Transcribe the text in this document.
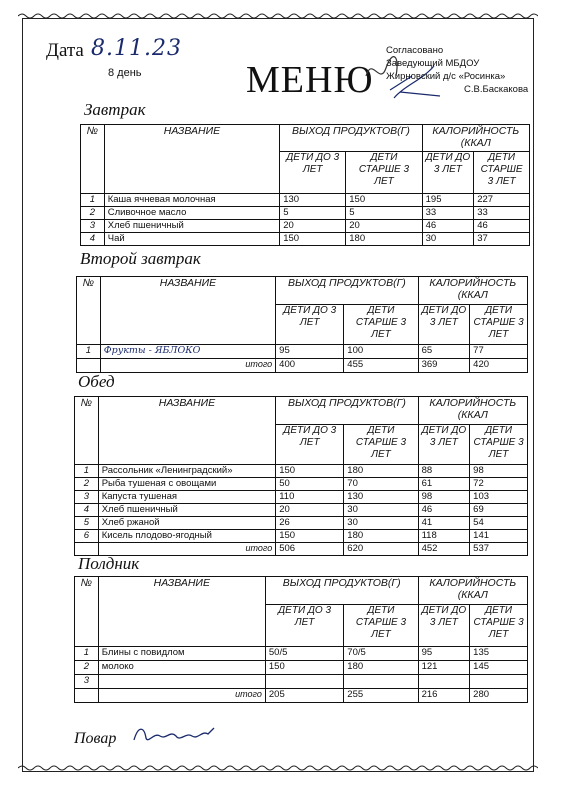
Дата 8.11.23
8 день	МЕНЮ
Согласовано
Заведующий МБДОУ
Жирновский д/с «Росинка»
С.В.Баскакова
Завтрак
№	НАЗВАНИЕ	ВЫХОД ПРОДУКТОВ(Г)		КАЛОРИЙНОСТЬ (ККАЛ	
		ДЕТИ ДО 3 ЛЕТ	ДЕТИ СТАРШЕ 3 ЛЕТ	ДЕТИ ДО 3 ЛЕТ	ДЕТИ СТАРШЕ 3 ЛЕТ
1	Каша ячневая молочная	130	150	195	227
2	Сливочное масло	5	5	33	33
3	Хлеб пшеничный	20	20	46	46
4	Чай	150	180	30	37
Второй завтрак
№	НАЗВАНИЕ	ВЫХОД ПРОДУКТОВ(Г)		КАЛОРИЙНОСТЬ (ККАЛ	
		ДЕТИ ДО 3 ЛЕТ	ДЕТИ СТАРШЕ 3 ЛЕТ	ДЕТИ ДО 3 ЛЕТ	ДЕТИ СТАРШЕ 3 ЛЕТ
1	Фрукты - ЯБЛОКО	95	100	65	77
	итого	400	455	369	420
Обед
№	НАЗВАНИЕ	ВЫХОД ПРОДУКТОВ(Г)		КАЛОРИЙНОСТЬ (ККАЛ	
		ДЕТИ ДО 3 ЛЕТ	ДЕТИ СТАРШЕ 3 ЛЕТ	ДЕТИ ДО 3 ЛЕТ	ДЕТИ СТАРШЕ 3 ЛЕТ
1	Рассольник «Ленинградский»	150	180	88	98
2	Рыба тушеная с овощами	50	70	61	72
3	Капуста тушеная	110	130	98	103
4	Хлеб пшеничный	20	30	46	69
5	Хлеб ржаной	26	30	41	54
6	Кисель плодово-ягодный	150	180	118	141
	итого	506	620	452	537
Полдник
№	НАЗВАНИЕ	ВЫХОД ПРОДУКТОВ(Г)		КАЛОРИЙНОСТЬ (ККАЛ	
		ДЕТИ ДО 3 ЛЕТ	ДЕТИ СТАРШЕ 3 ЛЕТ	ДЕТИ ДО 3 ЛЕТ	ДЕТИ СТАРШЕ 3 ЛЕТ
1	Блины с повидлом	50/5	70/5	95	135
2	молоко	150	180	121	145
3					
	итого	205	255	216	280
Повар
